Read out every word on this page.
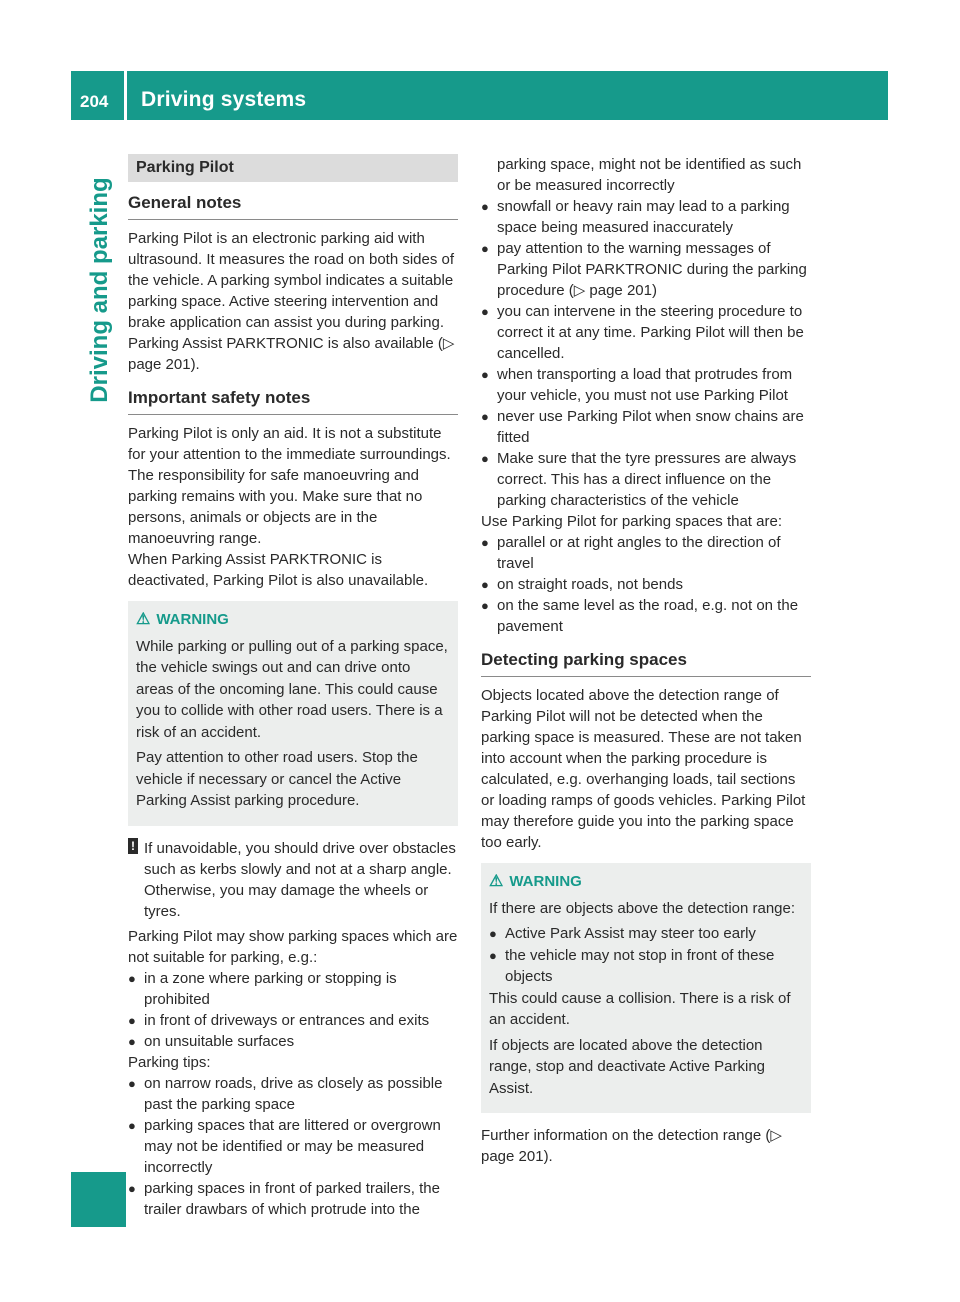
204 Driving systems
Driving and parking
Parking Pilot
General notes

Parking Pilot is an electronic parking aid with ultrasound. It measures the road on both sides of the vehicle. A parking symbol indicates a suitable parking space. Active steering intervention and brake application can assist you during parking. Parking Assist PARKTRONIC is also available (▷ page 201).

Important safety notes

Parking Pilot is only an aid. It is not a substitute for your attention to the immediate surroundings. The responsibility for safe manoeuvring and parking remains with you. Make sure that no persons, animals or objects are in the manoeuvring range.

When Parking Assist PARKTRONIC is deactivated, Parking Pilot is also unavailable.

⚠ WARNING

While parking or pulling out of a parking space, the vehicle swings out and can drive onto areas of the oncoming lane. This could cause you to collide with other road users. There is a risk of an accident.

Pay attention to other road users. Stop the vehicle if necessary or cancel the Active Parking Assist parking procedure.

! If unavoidable, you should drive over obstacles such as kerbs slowly and not at a sharp angle. Otherwise, you may damage the wheels or tyres.

Parking Pilot may show parking spaces which are not suitable for parking, e.g.:

● in a zone where parking or stopping is prohibited
● in front of driveways or entrances and exits
● on unsuitable surfaces

Parking tips:

● on narrow roads, drive as closely as possible past the parking space
● parking spaces that are littered or overgrown may not be identified or may be measured incorrectly
● parking spaces in front of parked trailers, the trailer drawbars of which protrude into the

parking space, might not be identified as such or be measured incorrectly

● snowfall or heavy rain may lead to a parking space being measured inaccurately
● pay attention to the warning messages of Parking Pilot PARKTRONIC during the parking procedure (▷ page 201)
● you can intervene in the steering procedure to correct it at any time. Parking Pilot will then be cancelled.
● when transporting a load that protrudes from your vehicle, you must not use Parking Pilot
● never use Parking Pilot when snow chains are fitted
● Make sure that the tyre pressures are always correct. This has a direct influence on the parking characteristics of the vehicle

Use Parking Pilot for parking spaces that are:

● parallel or at right angles to the direction of travel
● on straight roads, not bends
● on the same level as the road, e.g. not on the pavement
Detecting parking spaces

Objects located above the detection range of Parking Pilot will not be detected when the parking space is measured. These are not taken into account when the parking procedure is calculated, e.g. overhanging loads, tail sections or loading ramps of goods vehicles. Parking Pilot may therefore guide you into the parking space too early.

⚠ WARNING

If there are objects above the detection range:

● Active Park Assist may steer too early
● the vehicle may not stop in front of these objects

This could cause a collision. There is a risk of an accident.

If objects are located above the detection range, stop and deactivate Active Parking Assist.

Further information on the detection range (▷ page 201).
